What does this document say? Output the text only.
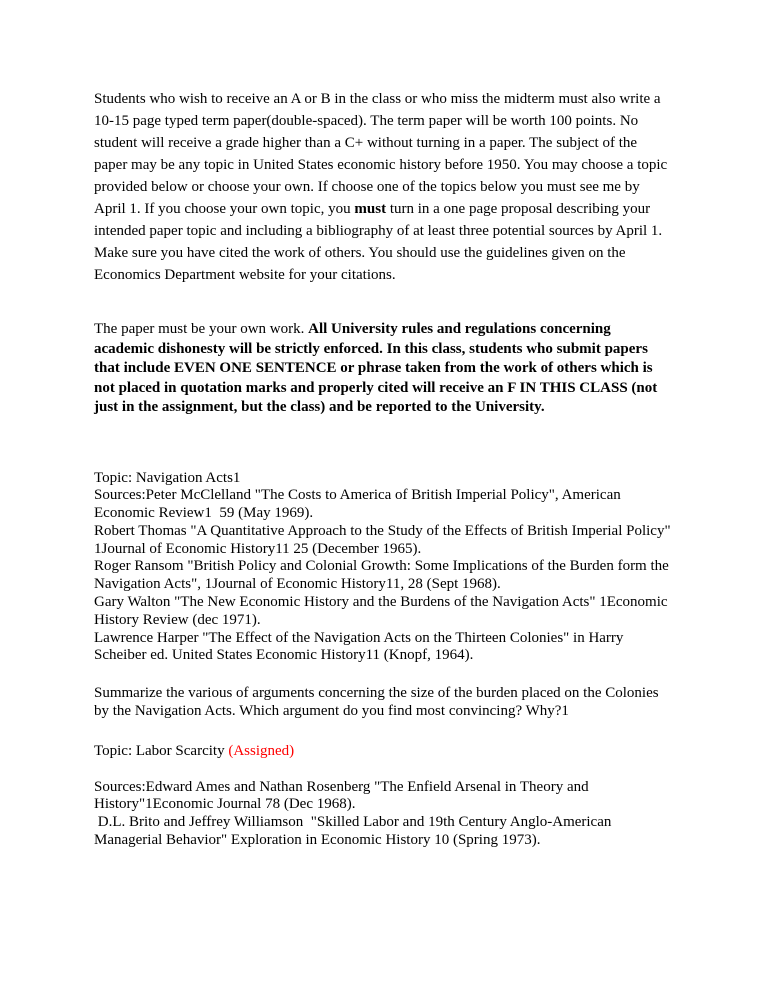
Students who wish to receive an A or B in the class or who miss the midterm must also write a 10-15 page typed term paper(double-spaced). The term paper will be worth 100 points. No student will receive a grade higher than a C+ without turning in a paper. The subject of the paper may be any topic in United States economic history before 1950. You may choose a topic provided below or choose your own. If choose one of the topics below you must see me by April 1. If you choose your own topic, you must turn in a one page proposal describing your intended paper topic and including a bibliography of at least three potential sources by April 1. Make sure you have cited the work of others. You should use the guidelines given on the Economics Department website for your citations.

The paper must be your own work. All University rules and regulations concerning academic dishonesty will be strictly enforced. In this class, students who submit papers that include EVEN ONE SENTENCE or phrase taken from the work of others which is not placed in quotation marks and properly cited will receive an F IN THIS CLASS (not just in the assignment, but the class) and be reported to the University.

Topic: Navigation Acts1
Sources:Peter McClelland "The Costs to America of British Imperial Policy", American Economic Review1  59 (May 1969).
Robert Thomas "A Quantitative Approach to the Study of the Effects of British Imperial Policy" 1Journal of Economic History11 25 (December 1965).
Roger Ransom "British Policy and Colonial Growth: Some Implications of the Burden form the Navigation Acts", 1Journal of Economic History11, 28 (Sept 1968).
Gary Walton "The New Economic History and the Burdens of the Navigation Acts" 1Economic History Review (dec 1971).
Lawrence Harper "The Effect of the Navigation Acts on the Thirteen Colonies" in Harry Scheiber ed. United States Economic History11 (Knopf, 1964).

Summarize the various of arguments concerning the size of the burden placed on the Colonies by the Navigation Acts. Which argument do you find most convincing? Why?1

Topic: Labor Scarcity (Assigned)

Sources:Edward Ames and Nathan Rosenberg "The Enfield Arsenal in Theory and History"1Economic Journal 78 (Dec 1968).
D.L. Brito and Jeffrey Williamson  "Skilled Labor and 19th Century Anglo-American Managerial Behavior" Exploration in Economic History 10 (Spring 1973).
